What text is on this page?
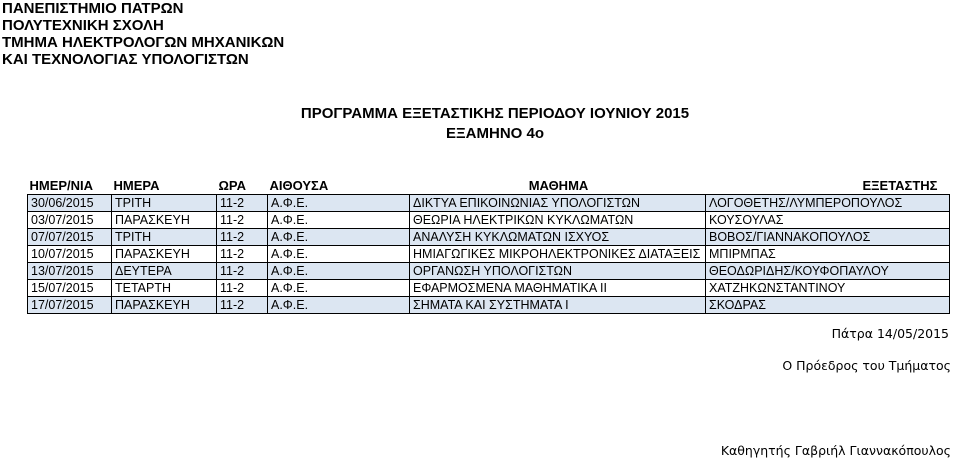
ΠΑΝΕΠΙΣΤΗΜΙΟ ΠΑΤΡΩΝ
ΠΟΛΥΤΕΧΝΙΚΗ ΣΧΟΛΗ
ΤΜΗΜΑ ΗΛΕΚΤΡΟΛΟΓΩΝ ΜΗΧΑΝΙΚΩΝ
ΚΑΙ ΤΕΧΝΟΛΟΓΙΑΣ ΥΠΟΛΟΓΙΣΤΩΝ
ΠΡΟΓΡΑΜΜΑ ΕΞΕΤΑΣΤΙΚΗΣ ΠΕΡΙΟΔΟΥ ΙΟΥΝΙΟΥ 2015
ΕΞΑΜΗΝΟ 4ο
ΗΜΕΡ/ΝΙΑ	ΗΜΕΡΑ	ΩΡΑ	ΑΙΘΟΥΣΑ	ΜΑΘΗΜΑ	ΕΞΕΤΑΣΤΗΣ
30/06/2015	ΤΡΙΤΗ	11-2	Α.Φ.Ε.	ΔΙΚΤΥΑ ΕΠΙΚΟΙΝΩΝΙΑΣ ΥΠΟΛΟΓΙΣΤΩΝ	ΛΟΓΟΘΕΤΗΣ/ΛΥΜΠΕΡΟΠΟΥΛΟΣ
03/07/2015	ΠΑΡΑΣΚΕΥΗ	11-2	Α.Φ.Ε.	ΘΕΩΡΙΑ ΗΛΕΚΤΡΙΚΩΝ ΚΥΚΛΩΜΑΤΩΝ	ΚΟΥΣΟΥΛΑΣ
07/07/2015	ΤΡΙΤΗ	11-2	Α.Φ.Ε.	ΑΝΑΛΥΣΗ ΚΥΚΛΩΜΑΤΩΝ ΙΣΧΥΟΣ	ΒΟΒΟΣ/ΓΙΑΝΝΑΚΟΠΟΥΛΟΣ
10/07/2015	ΠΑΡΑΣΚΕΥΗ	11-2	Α.Φ.Ε.	ΗΜΙΑΓΩΓΙΚΕΣ ΜΙΚΡΟΗΛΕΚΤΡΟΝΙΚΕΣ ΔΙΑΤΑΞΕΙΣ	ΜΠΙΡΜΠΑΣ
13/07/2015	ΔΕΥΤΕΡΑ	11-2	Α.Φ.Ε.	ΟΡΓΑΝΩΣΗ ΥΠΟΛΟΓΙΣΤΩΝ	ΘΕΟΔΩΡΙΔΗΣ/ΚΟΥΦΟΠΑΥΛΟΥ
15/07/2015	ΤΕΤΑΡΤΗ	11-2	Α.Φ.Ε.	ΕΦΑΡΜΟΣΜΕΝΑ ΜΑΘΗΜΑΤΙΚΑ ΙΙ	ΧΑΤΖΗΚΩΝΣΤΑΝΤΙΝΟΥ
17/07/2015	ΠΑΡΑΣΚΕΥΗ	11-2	Α.Φ.Ε.	ΣΗΜΑΤΑ ΚΑΙ ΣΥΣΤΗΜΑΤΑ Ι	ΣΚΟΔΡΑΣ
Πάτρα 14/05/2015
Ο Πρόεδρος του Τμήματος
Καθηγητής Γαβριήλ Γιαννακόπουλος
